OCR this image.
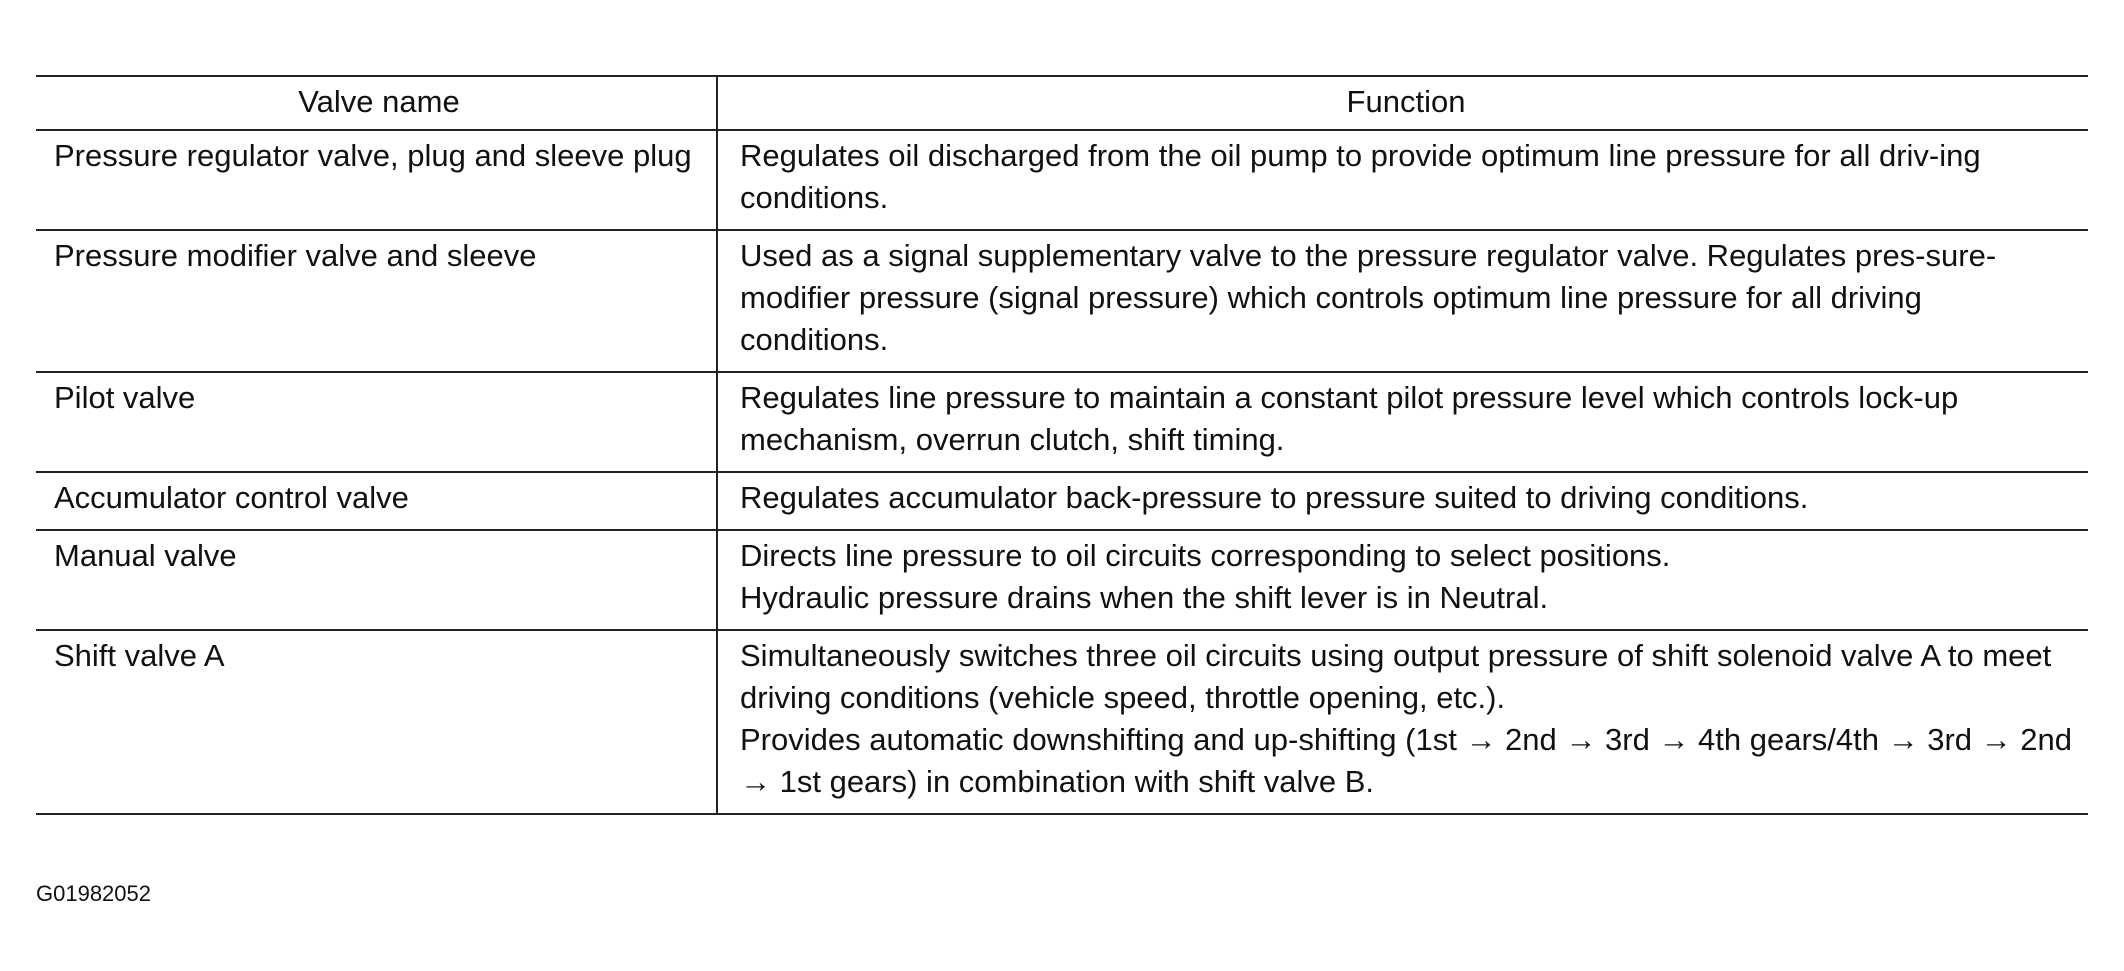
Valve name	Function
Pressure regulator valve, plug and sleeve plug	Regulates oil discharged from the oil pump to provide optimum line pressure for all driv-ing conditions.

Pressure modifier valve and sleeve	Used as a signal supplementary valve to the pressure regulator valve. Regulates pres-sure-modifier pressure (signal pressure) which controls optimum line pressure for all driving conditions.

Pilot valve	Regulates line pressure to maintain a constant pilot pressure level which controls lock-up mechanism, overrun clutch, shift timing.

Accumulator control valve	Regulates accumulator back-pressure to pressure suited to driving conditions.

Manual valve	Directs line pressure to oil circuits corresponding to select positions.
Hydraulic pressure drains when the shift lever is in Neutral.

Shift valve A	Simultaneously switches three oil circuits using output pressure of shift solenoid valve A to meet driving conditions (vehicle speed, throttle opening, etc.).
Provides automatic downshifting and up-shifting (1st → 2nd → 3rd → 4th gears/4th → 3rd → 2nd → 1st gears) in combination with shift valve B.
G01982052
